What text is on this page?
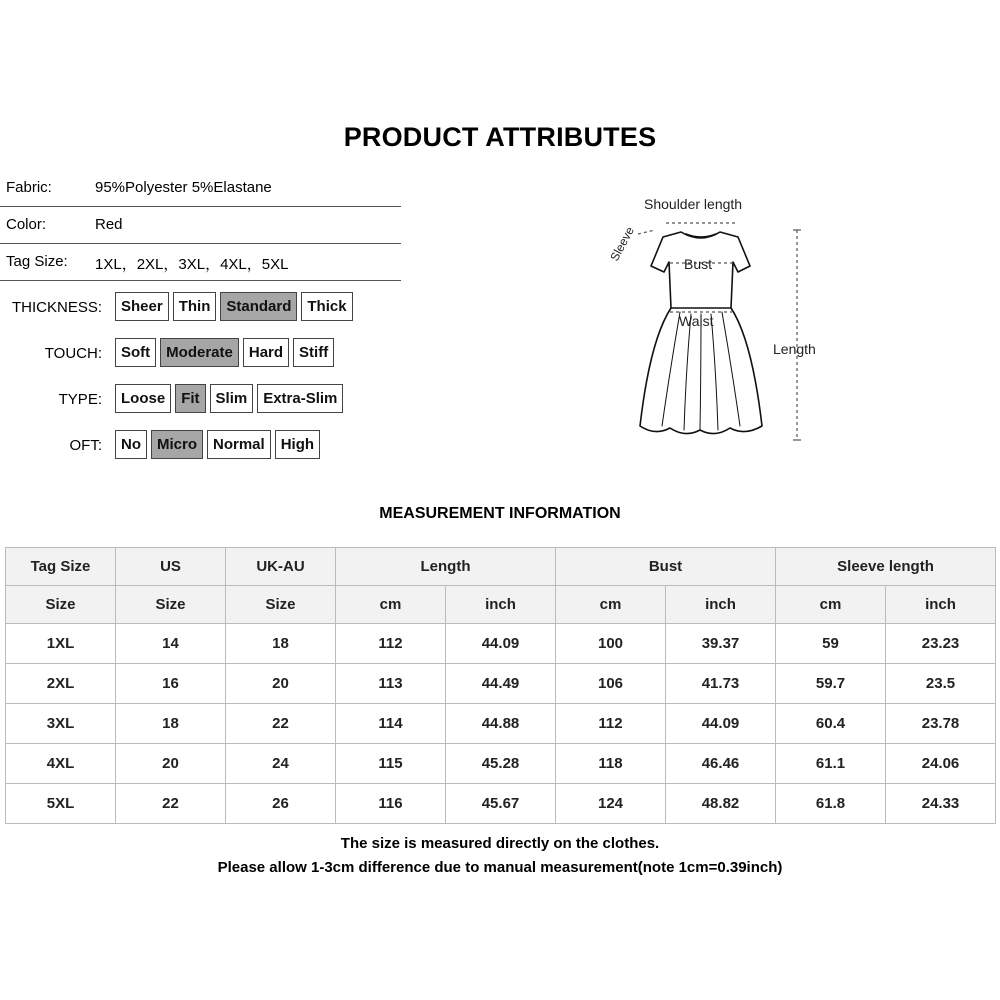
PRODUCT ATTRIBUTES
Fabric:	95%Polyester 5%Elastane
Color:	Red
Tag Size: 1XL，2XL，3XL，4XL，5XL
THICKNESS:	Sheer	Thin	Standard	Thick
TOUCH:	Soft	Moderate	Hard	Stiff
TYPE:	Loose	Fit	Slim	Extra-Slim
OFT:	No	Micro	Normal	High
Shoulder length
Sleeve
Bust
Waist
Length
MEASUREMENT INFORMATION
Tag Size	US	UK-AU	Length		Bust		Sleeve length	
Size	Size	Size	cm	inch	cm	inch	cm	inch
1XL	14	18	112	44.09	100	39.37	59	23.23
2XL	16	20	113	44.49	106	41.73	59.7	23.5
3XL	18	22	114	44.88	112	44.09	60.4	23.78
4XL	20	24	115	45.28	118	46.46	61.1	24.06
5XL	22	26	116	45.67	124	48.82	61.8	24.33
The size is measured directly on the clothes.
Please allow 1-3cm difference due to manual measurement(note 1cm=0.39inch)
